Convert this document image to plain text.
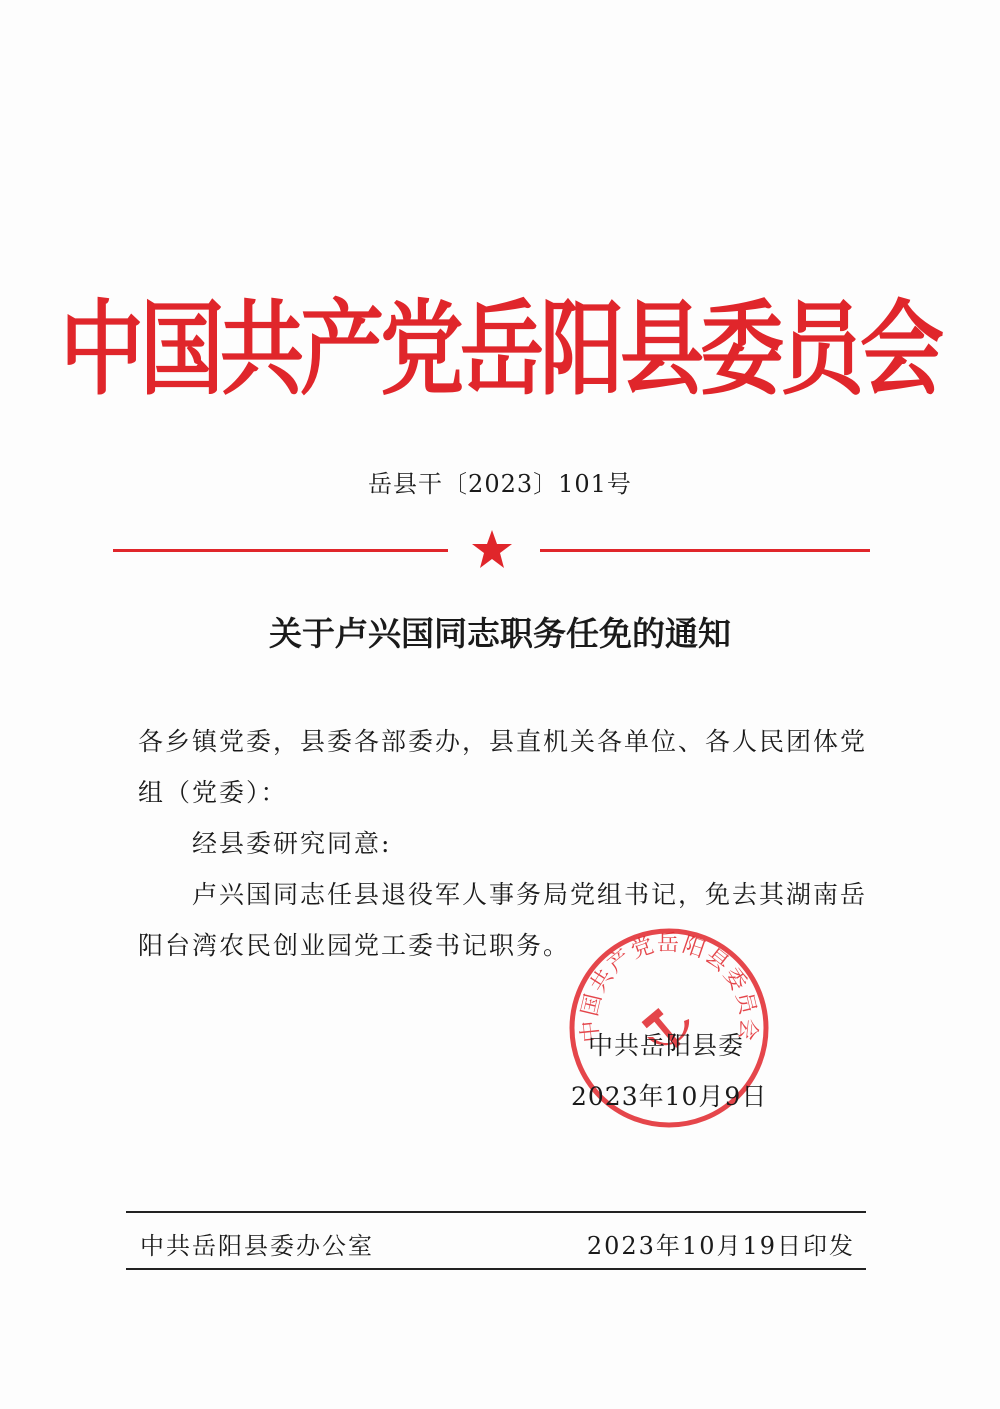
中国共产党岳阳县委员会
岳县干〔2023〕101号
关于卢兴国同志职务任免的通知
各乡镇党委，县委各部委办，县直机关各单位、各人民团体党
组（党委）：
经县委研究同意:
卢兴国同志任县退役军人事务局党组书记，免去其湖南岳
阳台湾农民创业园党工委书记职务。
中国共产党岳阳县委员会
中共岳阳县委
2023年10月9日
中共岳阳县委办公室	2023年10月19日印发
